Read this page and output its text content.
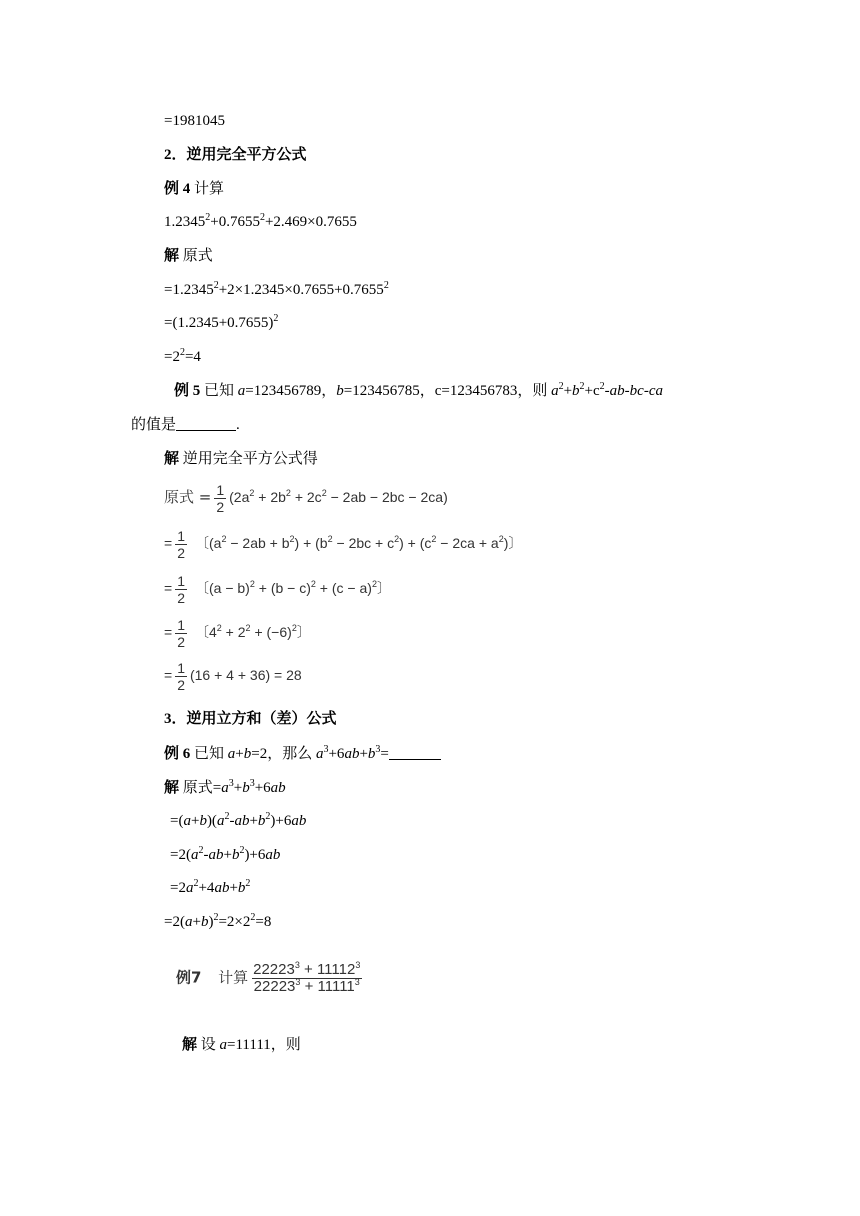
=1981045
2．逆用完全平方公式
例 4 计算
$1.2345^2+0.7655^2+2.469\times 0.7655$
解 原式
$=1.2345^2+2\times 1.2345\times 0.7655+0.7655^2$
$=(1.2345+0.7655)^2$
$=2^2=4$
例 5 已知 a=123456789，b=123456785，c=123456783，则 $a^2+b^2+c^2-ab-bc-ca$
的值是	.
解 逆用完全平方公式得
原式 = $\frac{1}{2} (2a^2 + 2b^2 + 2c^2 - 2ab - 2bc - 2ca)$
= $\frac{1}{2}$ 〔$(a^2 - 2ab + b^2) + (b^2 - 2bc + c^2) + (c^2 - 2ca + a^2)$〕
= $\frac{1}{2}$ 〔$(a - b)^2 + (b - c)^2 + (c - a)^2$〕
= $\frac{1}{2}$ 〔$4^2 + 2^2 + (-6)^2$〕
= $\frac{1}{2} (16 + 4 + 36) = 28$
3．逆用立方和（差）公式
例 6 已知 a+b=2，那么 $a^3+6ab+b^3=$
解 原式$=a^3+b^3+6ab$
$=(a+b)(a^2-ab+b^2)+6ab$
$=2(a^2-ab+b^2)+6ab$
$=2a^2+4ab+b^2$
$=2(a+b)^2=2\times 2^2=8$
例7 计算 $\frac{22223^3 + 11112^3}{22223^3 + 11111^3}$
解 设 a=11111，则
